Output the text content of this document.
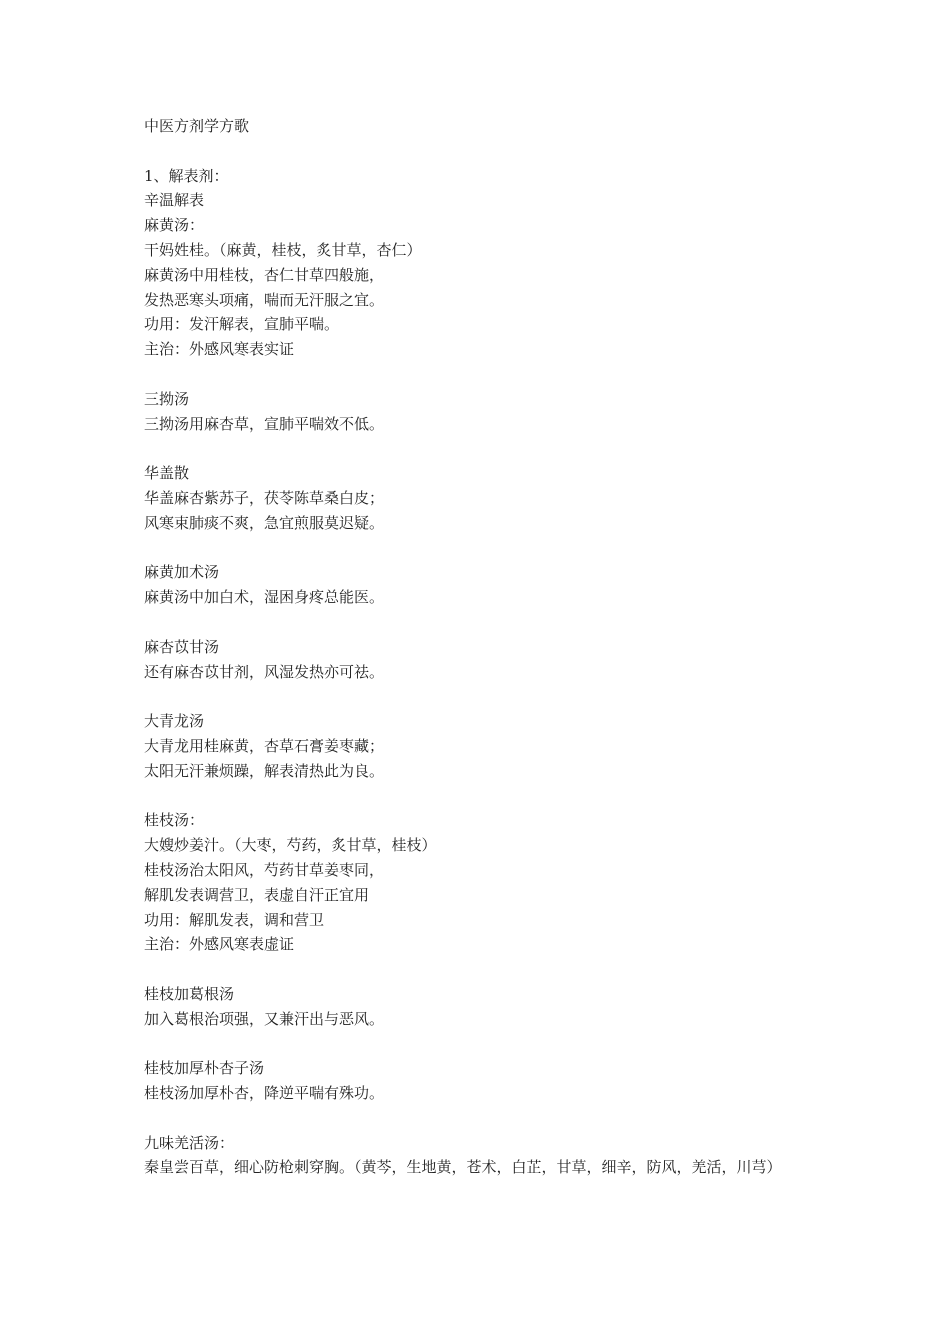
中医方剂学方歌
1、解表剂：
辛温解表
麻黄汤：
干妈姓桂。（麻黄，桂枝，炙甘草，杏仁）
麻黄汤中用桂枝，杏仁甘草四般施，
发热恶寒头项痛，喘而无汗服之宜。
功用：发汗解表，宣肺平喘。
主治：外感风寒表实证
三拗汤
三拗汤用麻杏草，宣肺平喘效不低。
华盖散
华盖麻杏紫苏子，茯苓陈草桑白皮；
风寒束肺痰不爽，急宜煎服莫迟疑。
麻黄加术汤
麻黄汤中加白术，湿困身疼总能医。
麻杏苡甘汤
还有麻杏苡甘剂，风湿发热亦可祛。
大青龙汤
大青龙用桂麻黄，杏草石膏姜枣藏；
太阳无汗兼烦躁，解表清热此为良。
桂枝汤：
大嫂炒姜汁。（大枣，芍药，炙甘草，桂枝）
桂枝汤治太阳风，芍药甘草姜枣同，
解肌发表调营卫，表虚自汗正宜用
功用：解肌发表，调和营卫
主治：外感风寒表虚证
桂枝加葛根汤
加入葛根治项强，又兼汗出与恶风。
桂枝加厚朴杏子汤
桂枝汤加厚朴杏，降逆平喘有殊功。
九味羌活汤：
秦皇尝百草，细心防枪刺穿胸。（黄芩，生地黄，苍术，白芷，甘草，细辛，防风，羌活，川芎）
